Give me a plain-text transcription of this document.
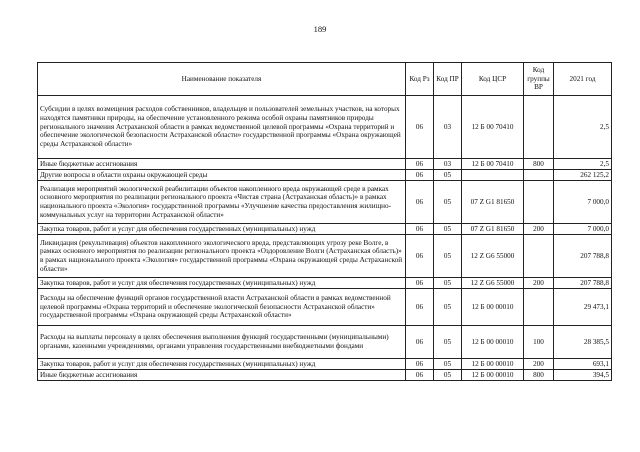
189
Наименование показателя	Код Рз	Код ПР	Код ЦСР	Код группы ВР	2021 год
Субсидии в целях возмещения расходов собственников, владельцев и пользователей земельных участков, на которых находятся памятники природы, на обеспечение установленного режима особой охраны памятников природы регионального значения Астраханской области в рамках ведомственной целевой программы «Охрана территорий и обеспечение экологической безопасности Астраханской области» государственной программы «Охрана окружающей среды Астраханской области»	06	03	12 Б 00 70410		2,5
Иные бюджетные ассигнования	06	03	12 Б 00 70410	800	2,5
Другие вопросы в области охраны окружающей среды	06	05			262 125,2
Реализация мероприятий экологической реабилитации объектов накопленного вреда окружающей среде в рамках основного мероприятия по реализации регионального проекта «Чистая страна (Астраханская область)» в рамках национального проекта «Экология» государственной программы «Улучшение качества предоставления жилищно-коммунальных услуг на территории Астраханской области»	06	05	07 Z G1 81650		7 000,0
Закупка товаров, работ и услуг для обеспечения государственных (муниципальных) нужд	06	05	07 Z G1 81650	200	7 000,0
Ликвидация (рекультивация) объектов накопленного экологического вреда, представляющих угрозу реке Волге, в рамках основного мероприятия по реализации регионального проекта «Оздоровление Волги (Астраханская область)» в рамках национального проекта «Экология» государственной программы «Охрана окружающей среды Астраханской области»	06	05	12 Z G6 55000		207 788,8
Закупка товаров, работ и услуг для обеспечения государственных (муниципальных) нужд	06	05	12 Z G6 55000	200	207 788,8
Расходы на обеспечение функций органов государственной власти Астраханской области в рамках ведомственной целевой программы «Охрана территорий и обеспечение экологической безопасности Астраханской области» государственной программы «Охрана окружающей среды Астраханской области»	06	05	12 Б 00 00010		29 473,1
Расходы на выплаты персоналу в целях обеспечения выполнения функций государственными (муниципальными) органами, казенными учреждениями, органами управления государственными внебюджетными фондами	06	05	12 Б 00 00010	100	28 385,5
Закупка товаров, работ и услуг для обеспечения государственных (муниципальных) нужд	06	05	12 Б 00 00010	200	693,1
Иные бюджетные ассигнования	06	05	12 Б 00 00010	800	394,5
